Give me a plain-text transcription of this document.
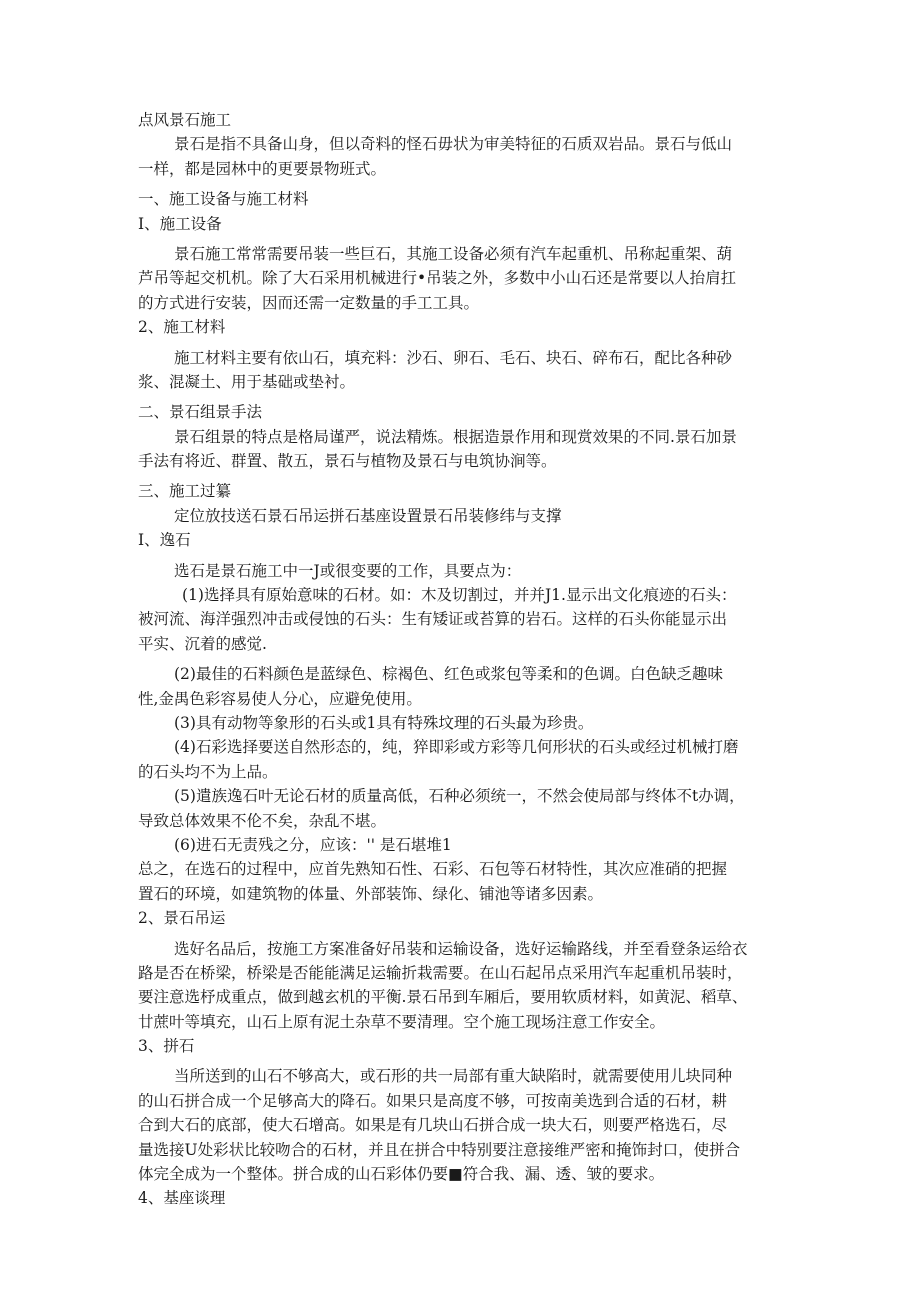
点风景石施工
景石是指不具备山身，但以奇料的怪石毋状为审美特征的石质双岩品。景石与低山
一样，都是园林中的更要景物班式。
一、施工设备与施工材料
I、施工设备
景石施工常常需要吊装一些巨石，其施工设备必须有汽车起重机、吊称起重架、葫
芦吊等起交机机。除了大石采用机械进行•吊装之外，多数中小山石还是常要以人抬肩扛
的方式进行安装，因而还需一定数量的手工工具。
2、施工材料
施工材料主要有依山石，填充料：沙石、卵石、毛石、块石、碎布石，配比各种砂
浆、混凝土、用于基础或垫衬。
二、景石组景手法
景石组景的特点是格局谨严，说法精炼。根据造景作用和现赏效果的不同.景石加景
手法有将近、群置、散五，景石与植物及景石与电筑协涧等。
三、施工过纂
定位放技送石景石吊运拼石基座设置景石吊装修纬与支撑
I、逸石
选石是景石施工中一J或很变要的工作，具要点为：
(1)选择具有原始意味的石材。如：木及切割过，并并J1.显示出文化痕迹的石头：
被河流、海洋强烈冲击或侵蚀的石头：生有矮证或苔算的岩石。这样的石头你能显示出
平实、沉着的感觉.
(2)最佳的石料颜色是蓝绿色、棕褐色、红色或浆包等柔和的色调。白色缺乏趣味
性,金禺色彩容易使人分心，应避免使用。
(3)具有动物等象形的石头或1具有特殊坟理的石头最为珍贵。
(4)石彩选择要送自然形态的，纯，猝即彩或方彩等几何形状的石头或经过机械打磨
的石头均不为上品。
(5)遣族逸石叶无论石材的质量高低，石种必须统一，不然会使局部与终体不t办调，
导致总体效果不伦不矣，杂乱不堪。
(6)进石无责残之分，应该：'' 是石堪堆1
总之，在选石的过程中，应首先熟知石性、石彩、石包等石材特性，其次应准硝的把握
置石的环境，如建筑物的体量、外部装饰、绿化、铺池等诸多因素。
2、景石吊运
选好名品后，按施工方案准备好吊装和运输设备，选好运输路线，并至看登条运给衣
路是否在桥梁，桥梁是否能能满足运输折栽需要。在山石起吊点采用汽车起重机吊装时，
要注意选杼成重点，做到越玄机的平衡.景石吊到车厢后，要用软质材料，如黄泥、稻草、
廿蔗叶等填充，山石上原有泥土杂草不要清理。空个施工现场注意工作安全。
3、拼石
当所送到的山石不够高大，或石形的共一局部有重大缺陷时，就需要使用儿块同种
的山石拼合成一个足够高大的降石。如果只是高度不够，可按南美选到合适的石材，耕
合到大石的底部，使大石增高。如果是有几块山石拼合成一块大石，则要严格选石，尽
量选接U处彩状比较吻合的石材，并且在拼合中特别要注意接维严密和掩饰封口，使拼合
体完全成为一个整体。拼合成的山石彩体仍要■符合我、漏、透、皱的要求。
4、基座谈理
